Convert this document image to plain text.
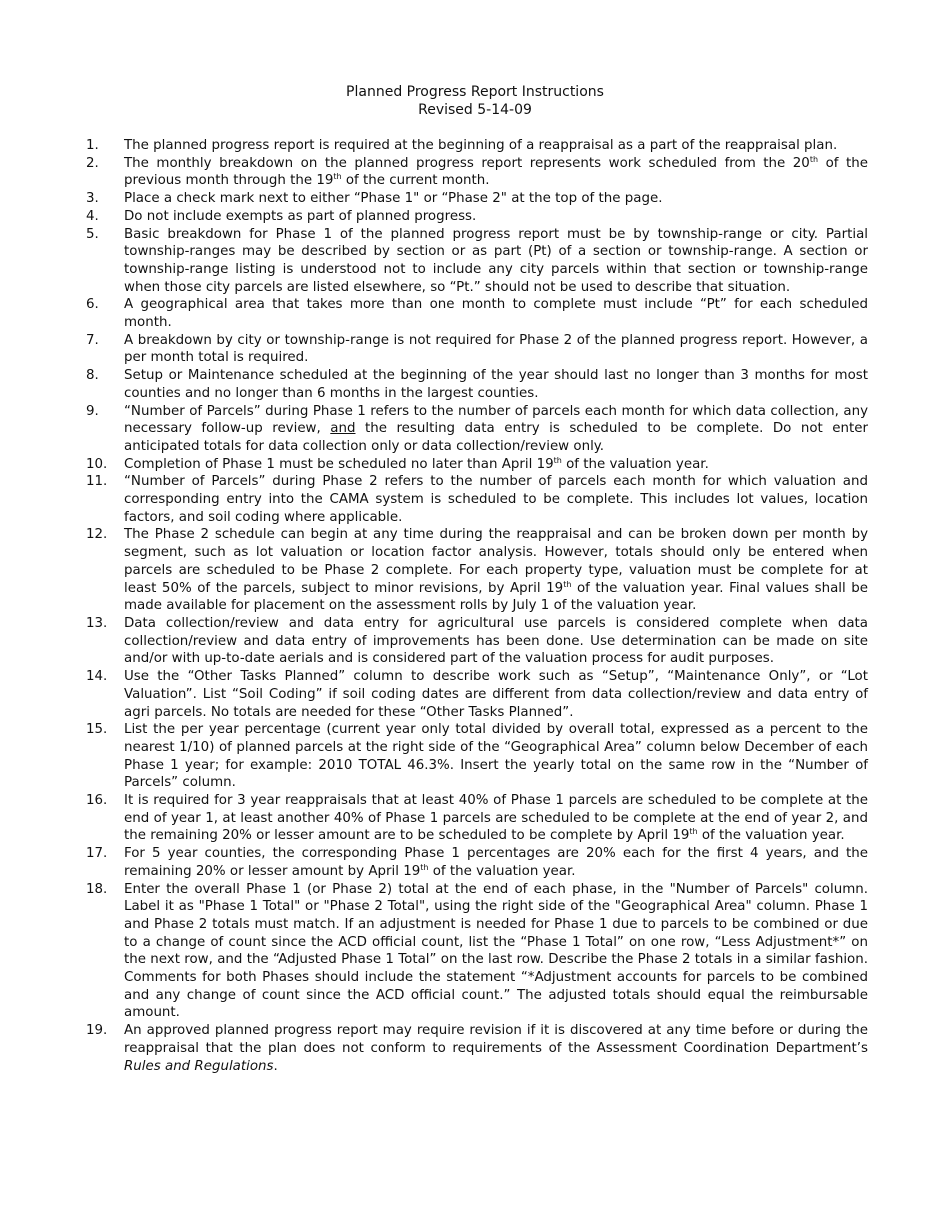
Planned Progress Report Instructions
Revised 5-14-09
1.	The planned progress report is required at the beginning of a reappraisal as a part of the reappraisal plan.
2.	The monthly breakdown on the planned progress report represents work scheduled from the 20th of the previous month through the 19th of the current month.
3.	Place a check mark next to either “Phase 1" or “Phase 2" at the top of the page.
4.	Do not include exempts as part of planned progress.
5.	Basic breakdown for Phase 1 of the planned progress report must be by township-range or city. Partial township-ranges may be described by section or as part (Pt) of a section or township-range. A section or township-range listing is understood not to include any city parcels within that section or township-range when those city parcels are listed elsewhere, so “Pt.” should not be used to describe that situation.
6.	A geographical area that takes more than one month to complete must include “Pt” for each scheduled month.
7.	A breakdown by city or township-range is not required for Phase 2 of the planned progress report. However, a per month total is required.
8.	Setup or Maintenance scheduled at the beginning of the year should last no longer than 3 months for most counties and no longer than 6 months in the largest counties.
9.	“Number of Parcels” during Phase 1 refers to the number of parcels each month for which data collection, any necessary follow-up review, and the resulting data entry is scheduled to be complete. Do not enter anticipated totals for data collection only or data collection/review only.
10.	Completion of Phase 1 must be scheduled no later than April 19th of the valuation year.
11.	“Number of Parcels” during Phase 2 refers to the number of parcels each month for which valuation and corresponding entry into the CAMA system is scheduled to be complete. This includes lot values, location factors, and soil coding where applicable.
12.	The Phase 2 schedule can begin at any time during the reappraisal and can be broken down per month by segment, such as lot valuation or location factor analysis. However, totals should only be entered when parcels are scheduled to be Phase 2 complete. For each property type, valuation must be complete for at least 50% of the parcels, subject to minor revisions, by April 19th of the valuation year. Final values shall be made available for placement on the assessment rolls by July 1 of the valuation year.
13.	Data collection/review and data entry for agricultural use parcels is considered complete when data collection/review and data entry of improvements has been done. Use determination can be made on site and/or with up-to-date aerials and is considered part of the valuation process for audit purposes.
14.	Use the “Other Tasks Planned” column to describe work such as “Setup”, “Maintenance Only”, or “Lot Valuation”. List “Soil Coding” if soil coding dates are different from data collection/review and data entry of agri parcels. No totals are needed for these “Other Tasks Planned”.
15.	List the per year percentage (current year only total divided by overall total, expressed as a percent to the nearest 1/10) of planned parcels at the right side of the “Geographical Area” column below December of each Phase 1 year; for example: 2010 TOTAL 46.3%. Insert the yearly total on the same row in the “Number of Parcels” column.
16.	It is required for 3 year reappraisals that at least 40% of Phase 1 parcels are scheduled to be complete at the end of year 1, at least another 40% of Phase 1 parcels are scheduled to be complete at the end of year 2, and the remaining 20% or lesser amount are to be scheduled to be complete by April 19th of the valuation year.
17.	For 5 year counties, the corresponding Phase 1 percentages are 20% each for the first 4 years, and the remaining 20% or lesser amount by April 19th of the valuation year.
18.	Enter the overall Phase 1 (or Phase 2) total at the end of each phase, in the "Number of Parcels" column. Label it as "Phase 1 Total" or "Phase 2 Total", using the right side of the "Geographical Area" column. Phase 1 and Phase 2 totals must match. If an adjustment is needed for Phase 1 due to parcels to be combined or due to a change of count since the ACD official count, list the “Phase 1 Total” on one row, “Less Adjustment*” on the next row, and the “Adjusted Phase 1 Total” on the last row. Describe the Phase 2 totals in a similar fashion. Comments for both Phases should include the statement “*Adjustment accounts for parcels to be combined and any change of count since the ACD official count.” The adjusted totals should equal the reimbursable amount.
19.	An approved planned progress report may require revision if it is discovered at any time before or during the reappraisal that the plan does not conform to requirements of the Assessment Coordination Department’s Rules and Regulations.
